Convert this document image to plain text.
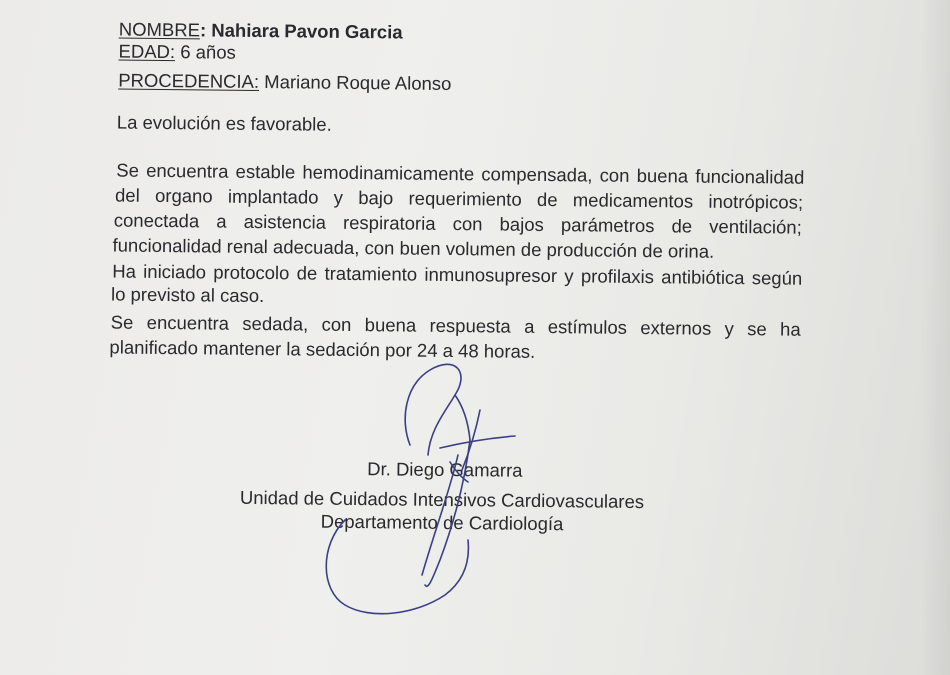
NOMBRE: Nahiara Pavon Garcia
EDAD: 6 años
PROCEDENCIA: Mariano Roque Alonso
La evolución es favorable.
Se encuentra estable hemodinamicamente compensada, con buena funcionalidad
del organo implantado y bajo requerimiento de medicamentos inotrópicos;
conectada a asistencia respiratoria con bajos parámetros de ventilación;
funcionalidad renal adecuada, con buen volumen de producción de orina.
Ha iniciado protocolo de tratamiento inmunosupresor y profilaxis antibiótica según
lo previsto al caso.
Se encuentra sedada, con buena respuesta a estímulos externos y se ha
planificado mantener la sedación por 24 a 48 horas.
Dr. Diego Gamarra
Unidad de Cuidados Intensivos Cardiovasculares
Departamento de Cardiología
